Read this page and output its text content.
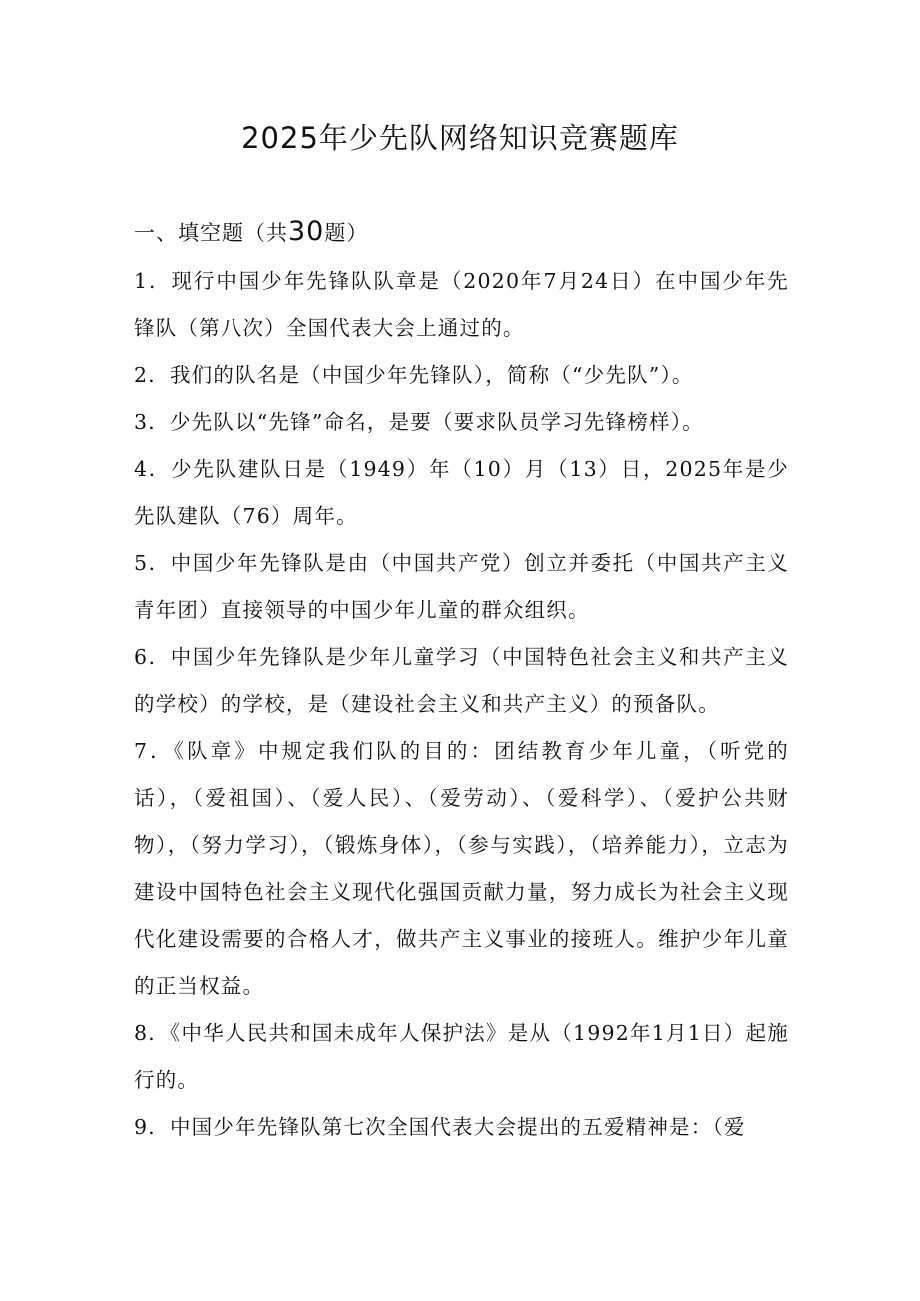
2025年少先队网络知识竞赛题库
一、填空题（共30题）
1．现行中国少年先锋队队章是（2020年7月24日）在中国少年先锋队（第八次）全国代表大会上通过的。
2．我们的队名是（中国少年先锋队），简称（“少先队”）。
3．少先队以“先锋”命名，是要（要求队员学习先锋榜样）。
4．少先队建队日是（1949）年（10）月（13）日，2025年是少先队建队（76）周年。
5．中国少年先锋队是由（中国共产党）创立并委托（中国共产主义青年团）直接领导的中国少年儿童的群众组织。
6．中国少年先锋队是少年儿童学习（中国特色社会主义和共产主义的学校）的学校，是（建设社会主义和共产主义）的预备队。
7．《队章》中规定我们队的目的：团结教育少年儿童，（听党的话），（爱祖国）、（爱人民）、（爱劳动）、（爱科学）、（爱护公共财物），（努力学习），（锻炼身体），（参与实践），（培养能力），立志为建设中国特色社会主义现代化强国贡献力量，努力成长为社会主义现代化建设需要的合格人才，做共产主义事业的接班人。维护少年儿童的正当权益。
8．《中华人民共和国未成年人保护法》是从（1992年1月1日）起施行的。
9．中国少年先锋队第七次全国代表大会提出的五爱精神是：（爱
